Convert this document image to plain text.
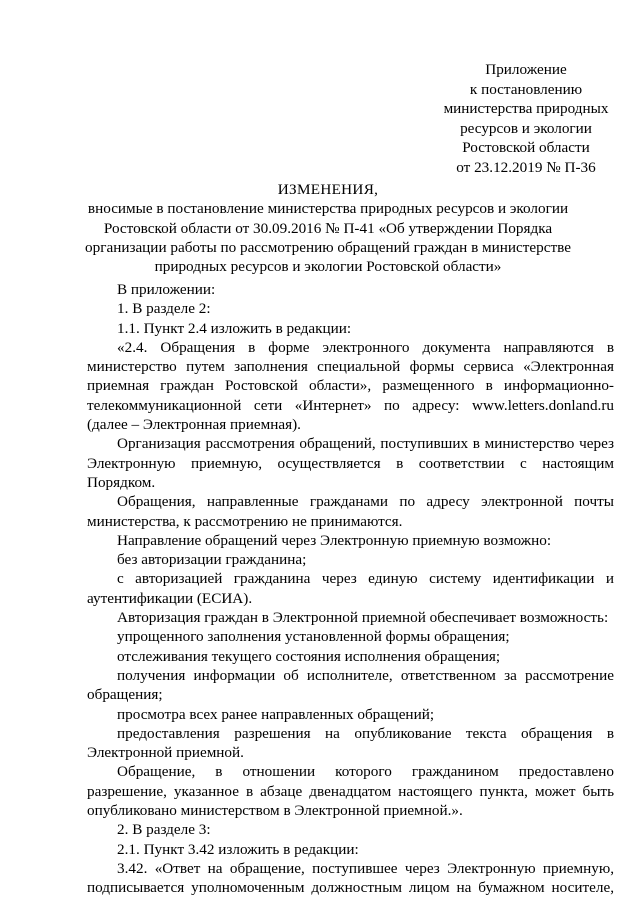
Приложение
к постановлению
министерства природных
ресурсов и экологии
Ростовской области
от 23.12.2019 № П-36
ИЗМЕНЕНИЯ,
вносимые в постановление министерства природных ресурсов и экологии
Ростовской области от 30.09.2016 № П-41 «Об утверждении Порядка
организации работы по рассмотрению обращений граждан в министерстве
природных ресурсов и экологии Ростовской области»

В приложении:

1. В разделе 2:

1.1. Пункт 2.4 изложить в редакции:

«2.4. Обращения в форме электронного документа направляются в министерство путем заполнения специальной формы сервиса «Электронная приемная граждан Ростовской области», размещенного в информационно-телекоммуникационной сети «Интернет» по адресу: www.letters.donland.ru (далее – Электронная приемная).

Организация рассмотрения обращений, поступивших в министерство через Электронную приемную, осуществляется в соответствии с настоящим Порядком.

Обращения, направленные гражданами по адресу электронной почты министерства, к рассмотрению не принимаются.

Направление обращений через Электронную приемную возможно:

без авторизации гражданина;

с авторизацией гражданина через единую систему идентификации и аутентификации (ЕСИА).

Авторизация граждан в Электронной приемной обеспечивает возможность:

упрощенного заполнения установленной формы обращения;

отслеживания текущего состояния исполнения обращения;

получения информации об исполнителе, ответственном за рассмотрение обращения;

просмотра всех ранее направленных обращений;

предоставления разрешения на опубликование текста обращения в Электронной приемной.

Обращение, в отношении которого гражданином предоставлено разрешение, указанное в абзаце двенадцатом настоящего пункта, может быть опубликовано министерством в Электронной приемной.».

2. В разделе 3:

2.1. Пункт 3.42 изложить в редакции:

3.42. «Ответ на обращение, поступившее через Электронную приемную, подписывается уполномоченным должностным лицом на бумажном носителе,
